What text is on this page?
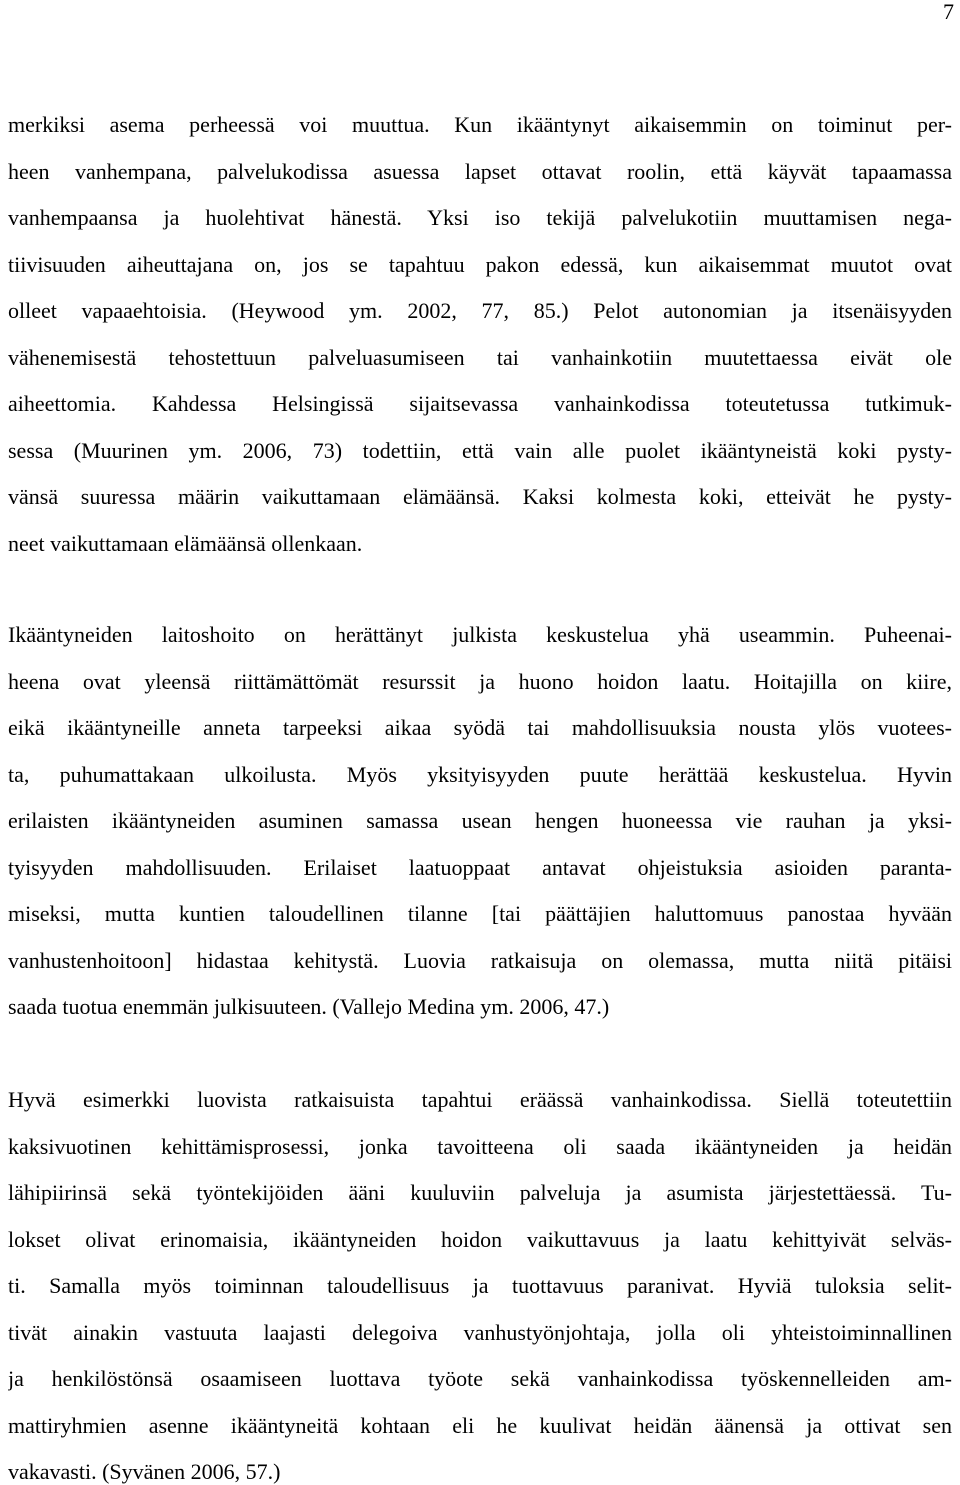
7
merkiksi asema perheessä voi muuttua. Kun ikääntynyt aikaisemmin on toiminut per-
heen vanhempana, palvelukodissa asuessa lapset ottavat roolin, että käyvät tapaamassa
vanhempaansa ja huolehtivat hänestä. Yksi iso tekijä palvelukotiin muuttamisen nega-
tiivisuuden aiheuttajana on, jos se tapahtuu pakon edessä, kun aikaisemmat muutot ovat
olleet vapaaehtoisia. (Heywood ym. 2002, 77, 85.) Pelot autonomian ja itsenäisyyden
vähenemisestä tehostettuun palveluasumiseen tai vanhainkotiin muutettaessa eivät ole
aiheettomia. Kahdessa Helsingissä sijaitsevassa vanhainkodissa toteutetussa tutkimuk-
sessa (Muurinen ym. 2006, 73) todettiin, että vain alle puolet ikääntyneistä koki pysty-
vänsä suuressa määrin vaikuttamaan elämäänsä. Kaksi kolmesta koki, etteivät he pysty-
neet vaikuttamaan elämäänsä ollenkaan.
Ikääntyneiden laitoshoito on herättänyt julkista keskustelua yhä useammin. Puheenai-
heena ovat yleensä riittämättömät resurssit ja huono hoidon laatu. Hoitajilla on kiire,
eikä ikääntyneille anneta tarpeeksi aikaa syödä tai mahdollisuuksia nousta ylös vuotees-
ta, puhumattakaan ulkoilusta. Myös yksityisyyden puute herättää keskustelua. Hyvin
erilaisten ikääntyneiden asuminen samassa usean hengen huoneessa vie rauhan ja yksi-
tyisyyden mahdollisuuden. Erilaiset laatuoppaat antavat ohjeistuksia asioiden paranta-
miseksi, mutta kuntien taloudellinen tilanne [tai päättäjien haluttomuus panostaa hyvään
vanhustenhoitoon] hidastaa kehitystä. Luovia ratkaisuja on olemassa, mutta niitä pitäisi
saada tuotua enemmän julkisuuteen. (Vallejo Medina ym. 2006, 47.)
Hyvä esimerkki luovista ratkaisuista tapahtui eräässä vanhainkodissa. Siellä toteutettiin
kaksivuotinen kehittämisprosessi, jonka tavoitteena oli saada ikääntyneiden ja heidän
lähipiirinsä sekä työntekijöiden ääni kuuluviin palveluja ja asumista järjestettäessä. Tu-
lokset olivat erinomaisia, ikääntyneiden hoidon vaikuttavuus ja laatu kehittyivät selväs-
ti. Samalla myös toiminnan taloudellisuus ja tuottavuus paranivat. Hyviä tuloksia selit-
tivät ainakin vastuuta laajasti delegoiva vanhustyönjohtaja, jolla oli yhteistoiminnallinen
ja henkilöstönsä osaamiseen luottava työote sekä vanhainkodissa työskennelleiden am-
mattiryhmien asenne ikääntyneitä kohtaan eli he kuulivat heidän äänensä ja ottivat sen
vakavasti. (Syvänen 2006, 57.)
